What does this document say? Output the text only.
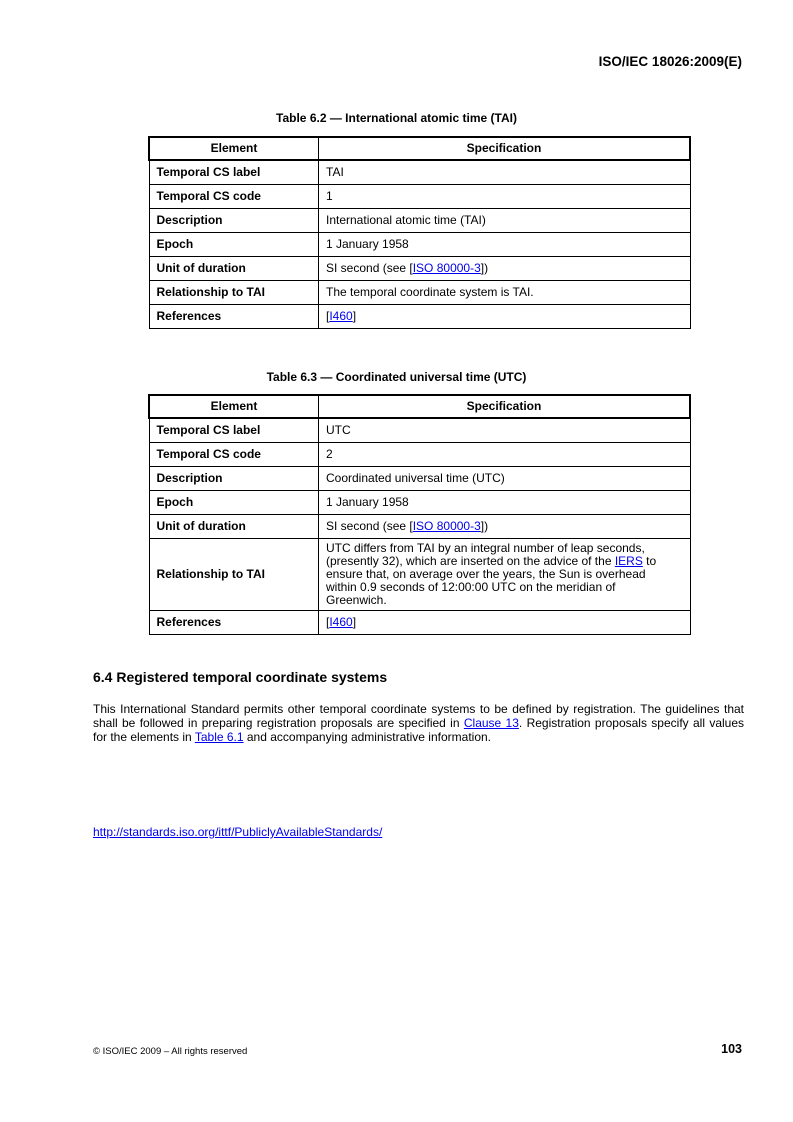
ISO/IEC 18026:2009(E)
Table 6.2 — International atomic time (TAI)
Element	Specification
Temporal CS label	TAI
Temporal CS code	1
Description	International atomic time (TAI)
Epoch	1 January 1958
Unit of duration	SI second (see [ISO 80000-3])
Relationship to TAI	The temporal coordinate system is TAI.
References	[I460]
Table 6.3 — Coordinated universal time (UTC)
Element	Specification
Temporal CS label	UTC
Temporal CS code	2
Description	Coordinated universal time (UTC)
Epoch	1 January 1958
Unit of duration	SI second (see [ISO 80000-3])
Relationship to TAI	UTC differs from TAI by an integral number of leap seconds, (presently 32), which are inserted on the advice of the IERS to ensure that, on average over the years, the Sun is overhead within 0.9 seconds of 12:00:00 UTC on the meridian of Greenwich.
References	[I460]
6.4 Registered temporal coordinate systems
This International Standard permits other temporal coordinate systems to be defined by registration. The guidelines that shall be followed in preparing registration proposals are specified in Clause 13. Registration proposals specify all values for the elements in Table 6.1 and accompanying administrative information.
http://standards.iso.org/ittf/PubliclyAvailableStandards/
© ISO/IEC 2009 – All rights reserved	103
